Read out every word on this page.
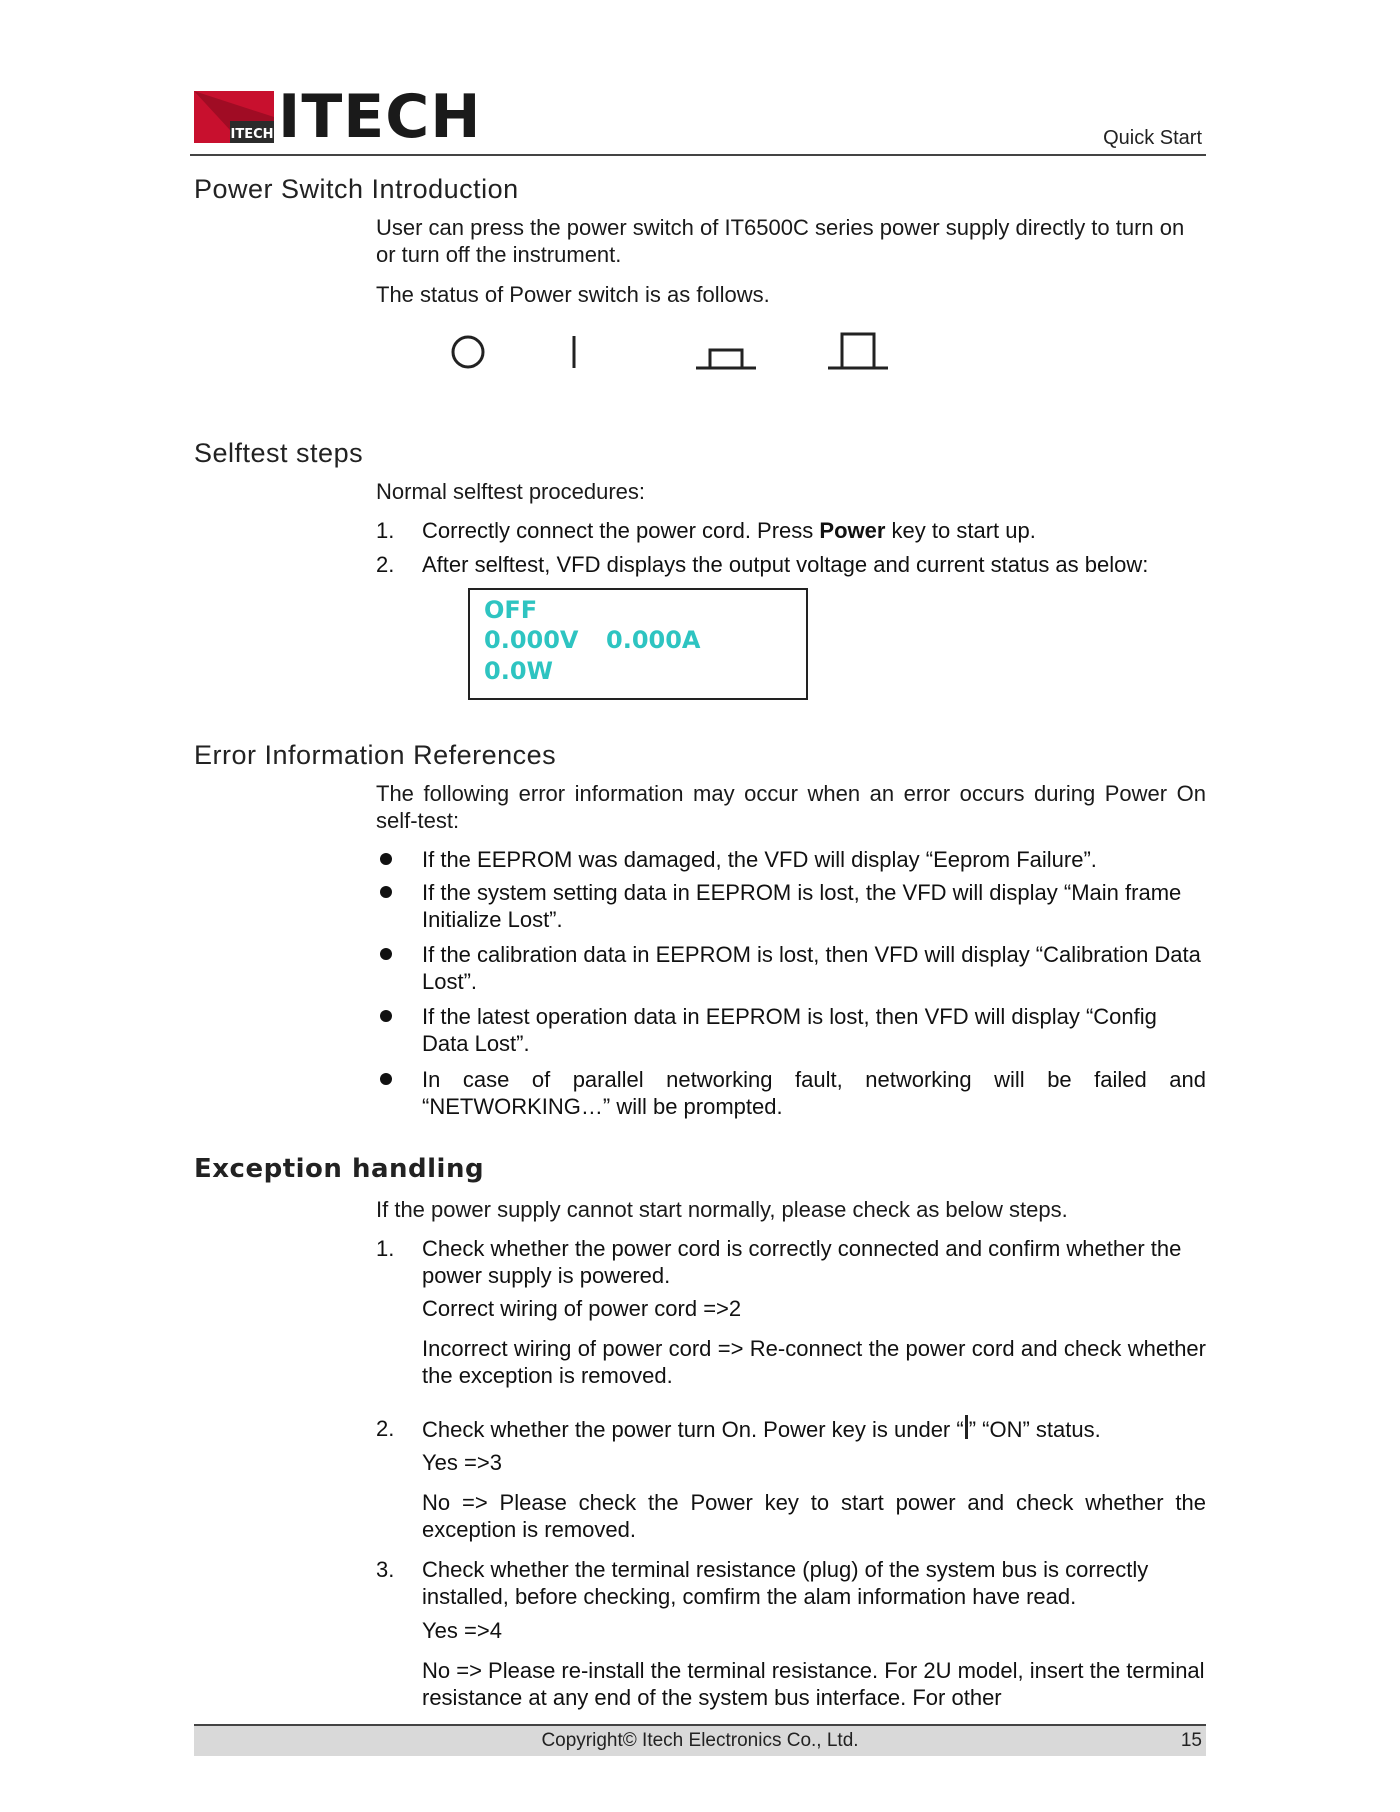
ITECH ITECH	Quick Start
Power Switch Introduction
User can press the power switch of IT6500C series power supply directly to turn on or turn off the instrument.
The status of Power switch is as follows.
Selftest steps
Normal selftest procedures:
1. Correctly connect the power cord. Press Power key to start up.
2. After selftest, VFD displays the output voltage and current status as below:
OFF
0.000V 0.000A
0.0W
Error Information References
The following error information may occur when an error occurs during Power On self-test:
If the EEPROM was damaged, the VFD will display “Eeprom Failure”.
If the system setting data in EEPROM is lost, the VFD will display “Main frame Initialize Lost”.
If the calibration data in EEPROM is lost, then VFD will display “Calibration Data Lost”.
If the latest operation data in EEPROM is lost, then VFD will display “Config Data Lost”.
In case of parallel networking fault, networking will be failed and “NETWORKING…” will be prompted.
Exception handling
If the power supply cannot start normally, please check as below steps.
1. Check whether the power cord is correctly connected and confirm whether the power supply is powered.
Correct wiring of power cord =>2
Incorrect wiring of power cord => Re-connect the power cord and check whether the exception is removed.
2. Check whether the power turn On. Power key is under “ ” “ON” status.
Yes =>3
No => Please check the Power key to start power and check whether the exception is removed.
3. Check whether the terminal resistance (plug) of the system bus is correctly installed, before checking, comfirm the alam information have read.
Yes =>4
No => Please re-install the terminal resistance. For 2U model, insert the terminal resistance at any end of the system bus interface. For other
Copyright© Itech Electronics Co., Ltd.	15
